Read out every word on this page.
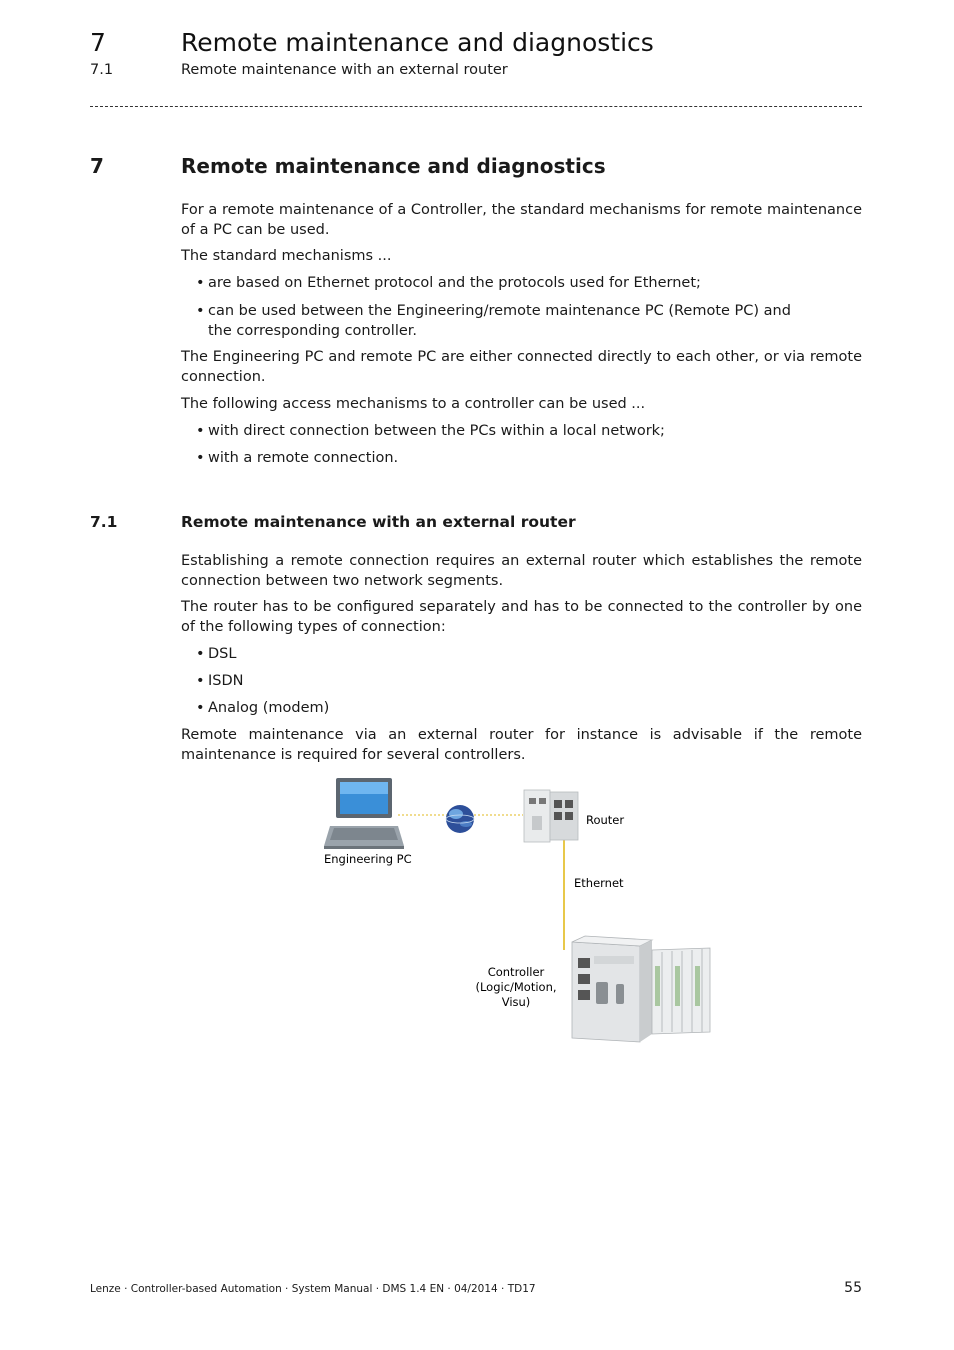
7	Remote maintenance and diagnostics
7.1	Remote maintenance with an external router
7	Remote maintenance and diagnostics
For a remote maintenance of a Controller, the standard mechanisms for remote maintenance of a PC can be used.
The standard mechanisms ...
• are based on Ethernet protocol and the protocols used for Ethernet;
• can be used between the Engineering/remote maintenance PC (Remote PC) and the corresponding controller.
The Engineering PC and remote PC are either connected directly to each other, or via remote connection.
The following access mechanisms to a controller can be used ...
• with direct connection between the PCs within a local network;
• with a remote connection.
7.1	Remote maintenance with an external router
Establishing a remote connection requires an external router which establishes the remote connection between two network segments.
The router has to be configured separately and has to be connected to the controller by one of the following types of connection:
• DSL
• ISDN
• Analog (modem)
Remote maintenance via an external router for instance is advisable if the remote maintenance is required for several controllers.
Engineering PC
Router
Ethernet
Controller
(Logic/Motion,
Visu)
Lenze · Controller-based Automation · System Manual · DMS 1.4 EN · 04/2014 · TD17	55
